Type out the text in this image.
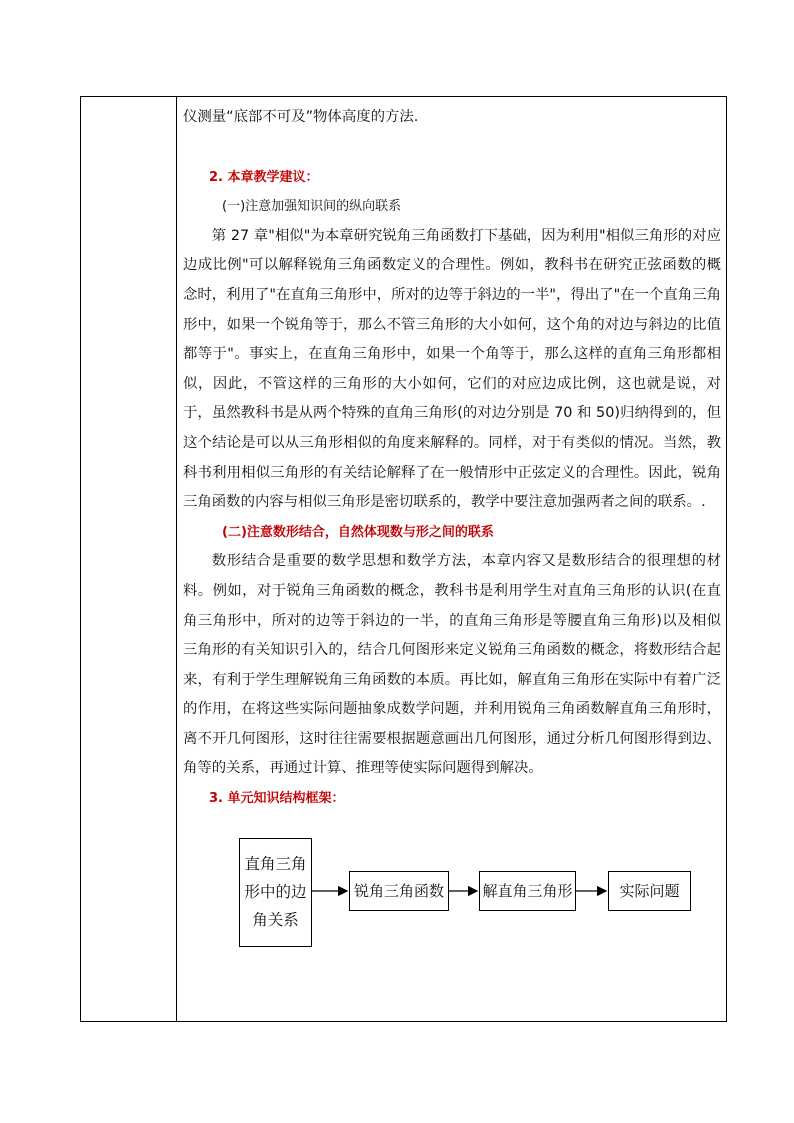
仪测量“底部不可及”物体高度的方法.

2. 本章教学建议：

(一)注意加强知识间的纵向联系

第 27 章"相似"为本章研究锐角三角函数打下基础，因为利用"相似三角形的对应边成比例"可以解释锐角三角函数定义的合理性。例如，教科书在研究正弦函数的概念时，利用了"在直角三角形中，所对的边等于斜边的一半"，得出了"在一个直角三角形中，如果一个锐角等于，那么不管三角形的大小如何，这个角的对边与斜边的比值都等于"。事实上，在直角三角形中，如果一个角等于，那么这样的直角三角形都相似，因此，不管这样的三角形的大小如何，它们的对应边成比例，这也就是说，对于，虽然教科书是从两个特殊的直角三角形(的对边分别是 70 和 50)归纳得到的，但这个结论是可以从三角形相似的角度来解释的。同样，对于有类似的情况。当然，教科书利用相似三角形的有关结论解释了在一般情形中正弦定义的合理性。因此，锐角三角函数的内容与相似三角形是密切联系的，教学中要注意加强两者之间的联系。.

(二)注意数形结合，自然体现数与形之间的联系

数形结合是重要的数学思想和数学方法，本章内容又是数形结合的很理想的材料。例如，对于锐角三角函数的概念，教科书是利用学生对直角三角形的认识(在直角三角形中，所对的边等于斜边的一半，的直角三角形是等腰直角三角形)以及相似三角形的有关知识引入的，结合几何图形来定义锐角三角函数的概念，将数形结合起来，有利于学生理解锐角三角函数的本质。再比如，解直角三角形在实际中有着广泛的作用，在将这些实际问题抽象成数学问题，并利用锐角三角函数解直角三角形时，离不开几何图形，这时往往需要根据题意画出几何图形，通过分析几何图形得到边、角等的关系，再通过计算、推理等使实际问题得到解决。

3. 单元知识结构框架：

直角三角形中的边角关系
锐角三角函数	解直角三角形	实际问题
